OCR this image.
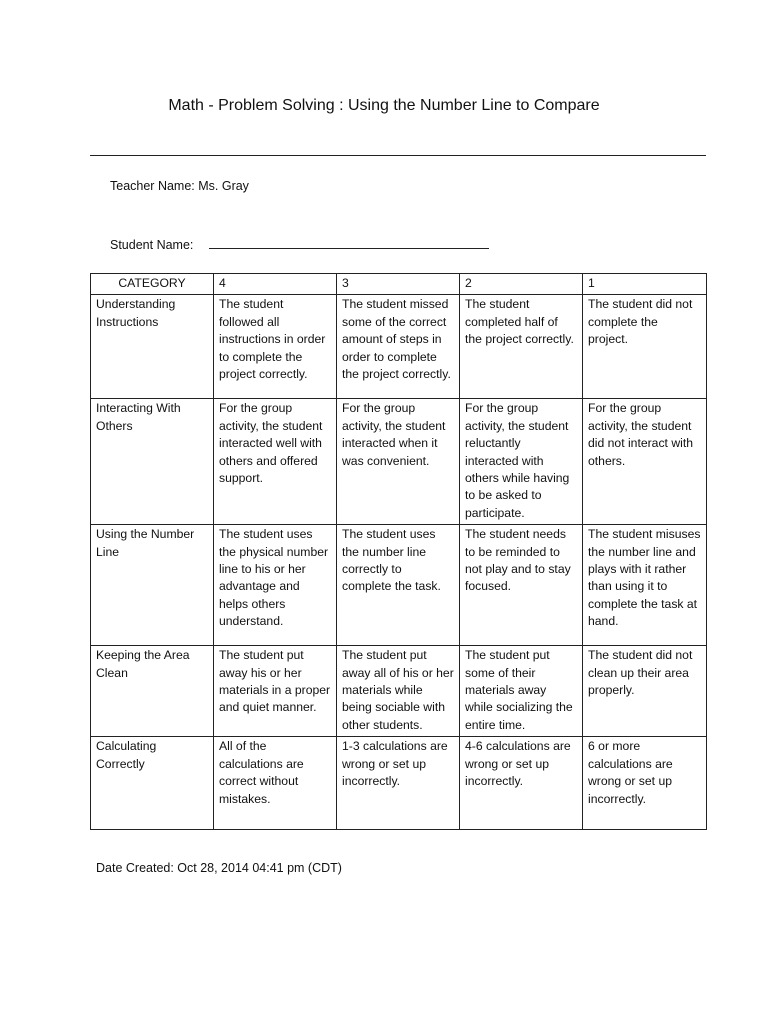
Math - Problem Solving : Using the Number Line to Compare
Teacher Name: Ms. Gray
Student Name:
CATEGORY	4	3	2	1
Understanding Instructions	The student followed all instructions in order to complete the project correctly.	The student missed some of the correct amount of steps in order to complete the project correctly.	The student completed half of the project correctly.	The student did not complete the project.
Interacting With Others	For the group activity, the student interacted well with others and offered support.	For the group activity, the student interacted when it was convenient.	For the group activity, the student reluctantly interacted with others while having to be asked to participate.	For the group activity, the student did not interact with others.
Using the Number Line	The student uses the physical number line to his or her advantage and helps others understand.	The student uses the number line correctly to complete the task.	The student needs to be reminded to not play and to stay focused.	The student misuses the number line and plays with it rather than using it to complete the task at hand.
Keeping the Area Clean	The student put away his or her materials in a proper and quiet manner.	The student put away all of his or her materials while being sociable with other students.	The student put some of their materials away while socializing the entire time.	The student did not clean up their area properly.
Calculating Correctly	All of the calculations are correct without mistakes.	1-3 calculations are wrong or set up incorrectly.	4-6 calculations are wrong or set up incorrectly.	6 or more calculations are wrong or set up incorrectly.
Date Created: Oct 28, 2014 04:41 pm (CDT)
